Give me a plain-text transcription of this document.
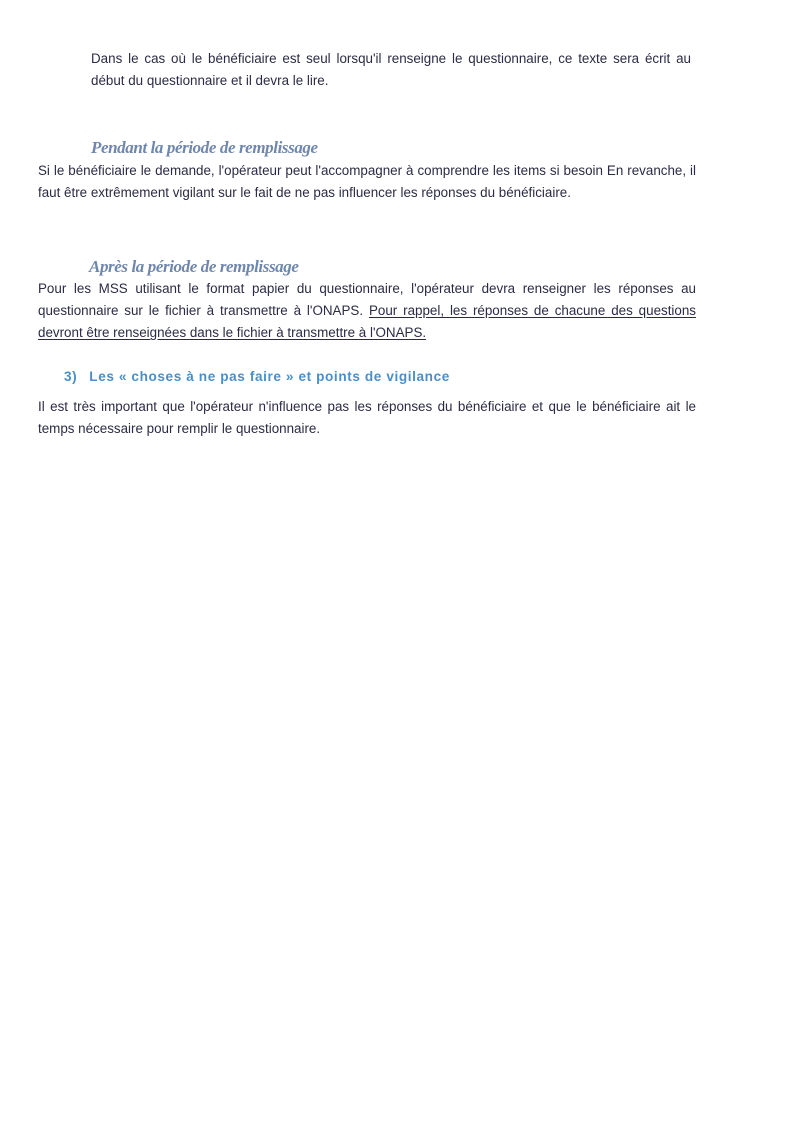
Dans le cas où le bénéficiaire est seul lorsqu'il renseigne le questionnaire, ce texte sera écrit au début du questionnaire et il devra le lire.

Pendant la période de remplissage

Si le bénéficiaire le demande, l'opérateur peut l'accompagner à comprendre les items si besoin En revanche, il faut être extrêmement vigilant sur le fait de ne pas influencer les réponses du bénéficiaire.

Après la période de remplissage

Pour les MSS utilisant le format papier du questionnaire, l'opérateur devra renseigner les réponses au questionnaire sur le fichier à transmettre à l'ONAPS. Pour rappel, les réponses de chacune des questions devront être renseignées dans le fichier à transmettre à l'ONAPS.

3) Les « choses à ne pas faire » et points de vigilance

Il est très important que l'opérateur n'influence pas les réponses du bénéficiaire et que le bénéficiaire ait le temps nécessaire pour remplir le questionnaire.
